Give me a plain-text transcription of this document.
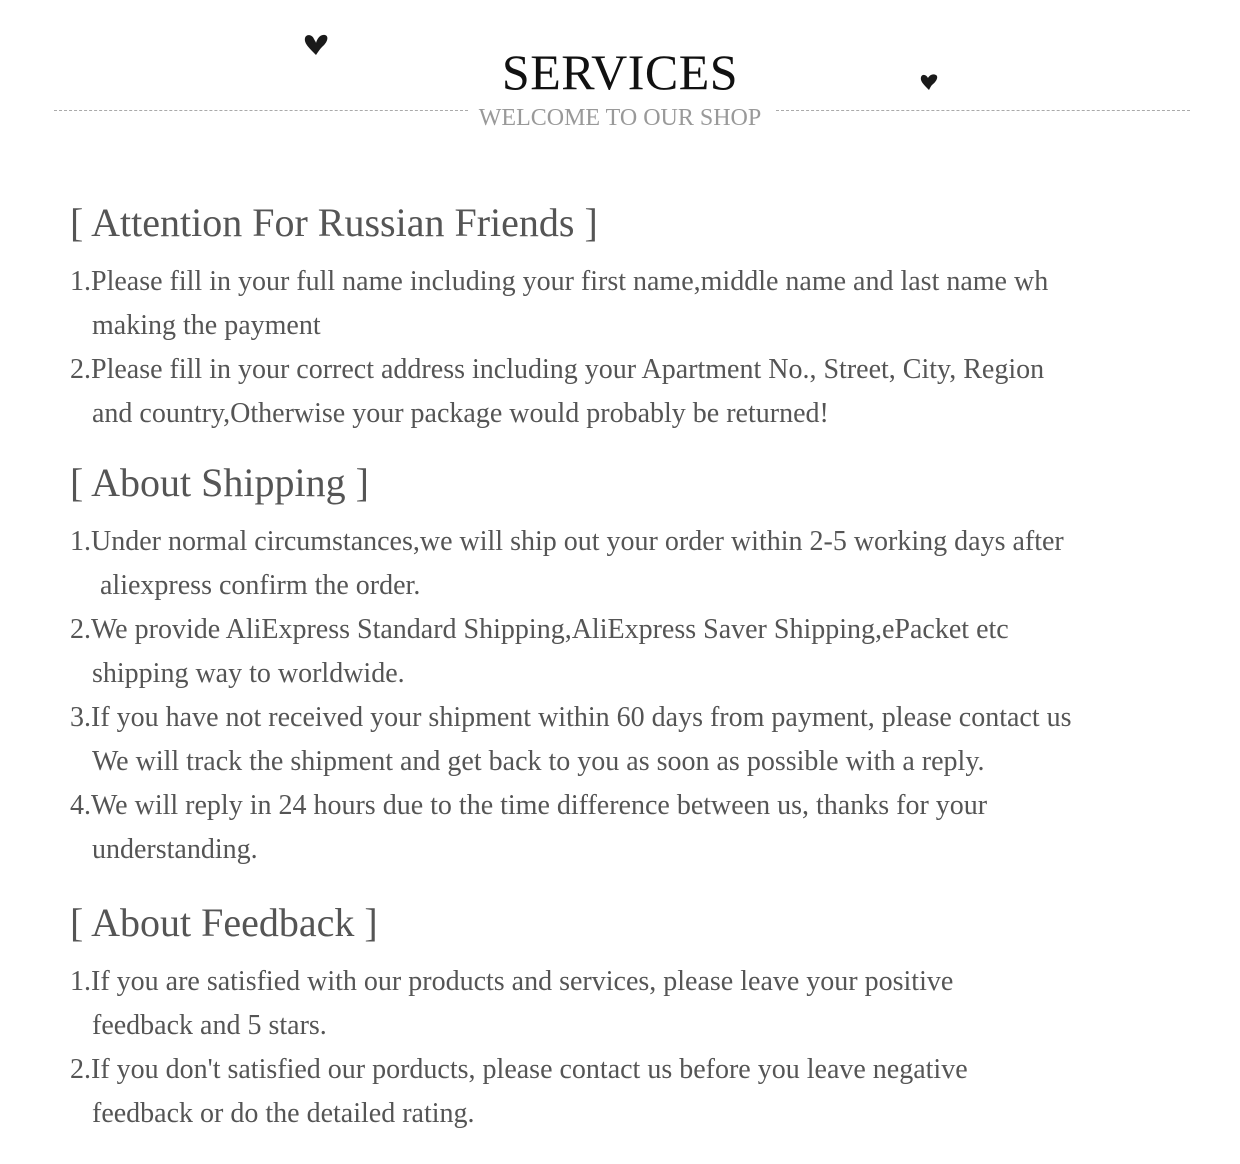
SERVICES
WELCOME TO OUR SHOP
[ Attention For Russian Friends ]
1.Please fill in your full name including your first name,middle name and last name wh
making the payment
2.Please fill in your correct address including your Apartment No., Street, City, Region
and country,Otherwise your package would probably be returned!
[ About Shipping ]
1.Under normal circumstances,we will ship out your order within 2-5 working days after
aliexpress confirm the order.
2.We provide AliExpress Standard Shipping,AliExpress Saver Shipping,ePacket etc
shipping way to worldwide.
3.If you have not received your shipment within 60 days from payment, please contact us
We will track the shipment and get back to you as soon as possible with a reply.
4.We will reply in 24 hours due to the time difference between us, thanks for your
understanding.
[ About Feedback ]
1.If you are satisfied with our products and services, please leave your positive
feedback and 5 stars.
2.If you don't satisfied our porducts, please contact us before you leave negative
feedback or do the detailed rating.
